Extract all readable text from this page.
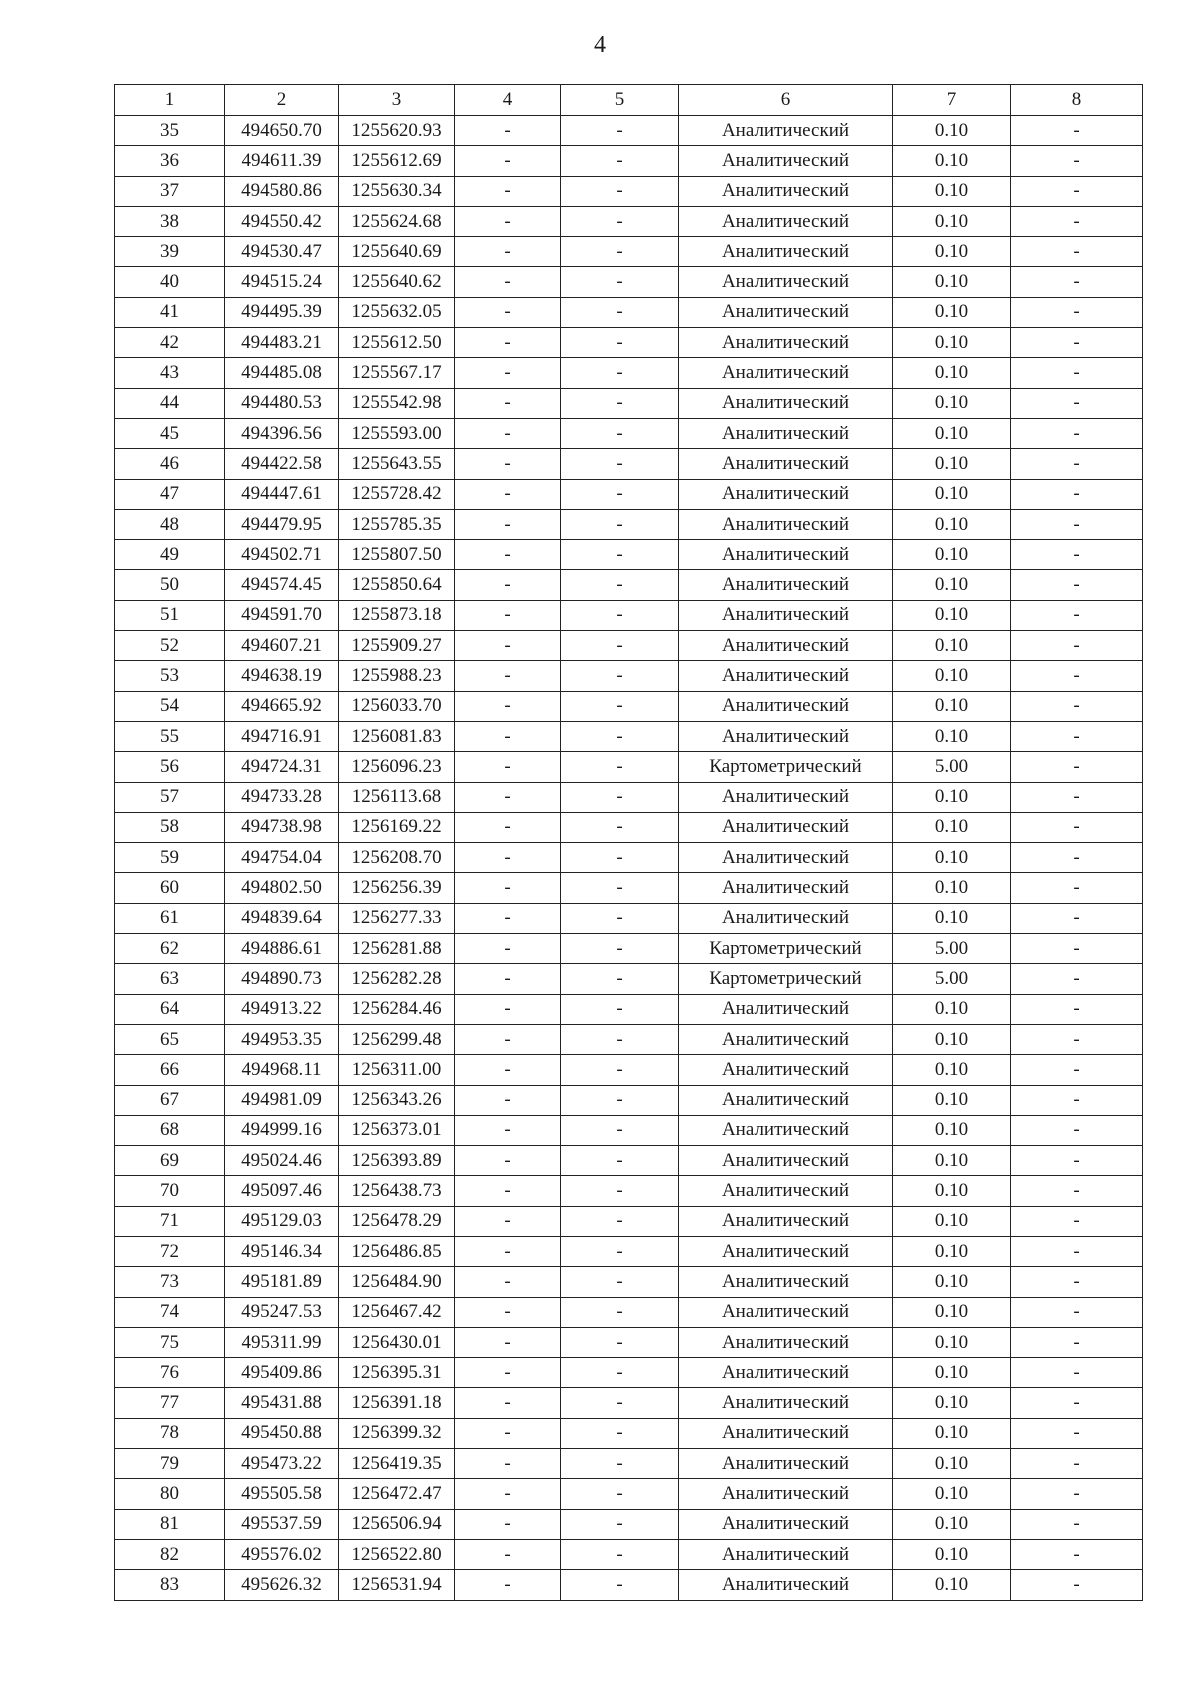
4
1	2	3	4	5	6	7	8
35	494650.70	1255620.93	-	-	Аналитический	0.10	-
36	494611.39	1255612.69	-	-	Аналитический	0.10	-
37	494580.86	1255630.34	-	-	Аналитический	0.10	-
38	494550.42	1255624.68	-	-	Аналитический	0.10	-
39	494530.47	1255640.69	-	-	Аналитический	0.10	-
40	494515.24	1255640.62	-	-	Аналитический	0.10	-
41	494495.39	1255632.05	-	-	Аналитический	0.10	-
42	494483.21	1255612.50	-	-	Аналитический	0.10	-
43	494485.08	1255567.17	-	-	Аналитический	0.10	-
44	494480.53	1255542.98	-	-	Аналитический	0.10	-
45	494396.56	1255593.00	-	-	Аналитический	0.10	-
46	494422.58	1255643.55	-	-	Аналитический	0.10	-
47	494447.61	1255728.42	-	-	Аналитический	0.10	-
48	494479.95	1255785.35	-	-	Аналитический	0.10	-
49	494502.71	1255807.50	-	-	Аналитический	0.10	-
50	494574.45	1255850.64	-	-	Аналитический	0.10	-
51	494591.70	1255873.18	-	-	Аналитический	0.10	-
52	494607.21	1255909.27	-	-	Аналитический	0.10	-
53	494638.19	1255988.23	-	-	Аналитический	0.10	-
54	494665.92	1256033.70	-	-	Аналитический	0.10	-
55	494716.91	1256081.83	-	-	Аналитический	0.10	-
56	494724.31	1256096.23	-	-	Картометрический	5.00	-
57	494733.28	1256113.68	-	-	Аналитический	0.10	-
58	494738.98	1256169.22	-	-	Аналитический	0.10	-
59	494754.04	1256208.70	-	-	Аналитический	0.10	-
60	494802.50	1256256.39	-	-	Аналитический	0.10	-
61	494839.64	1256277.33	-	-	Аналитический	0.10	-
62	494886.61	1256281.88	-	-	Картометрический	5.00	-
63	494890.73	1256282.28	-	-	Картометрический	5.00	-
64	494913.22	1256284.46	-	-	Аналитический	0.10	-
65	494953.35	1256299.48	-	-	Аналитический	0.10	-
66	494968.11	1256311.00	-	-	Аналитический	0.10	-
67	494981.09	1256343.26	-	-	Аналитический	0.10	-
68	494999.16	1256373.01	-	-	Аналитический	0.10	-
69	495024.46	1256393.89	-	-	Аналитический	0.10	-
70	495097.46	1256438.73	-	-	Аналитический	0.10	-
71	495129.03	1256478.29	-	-	Аналитический	0.10	-
72	495146.34	1256486.85	-	-	Аналитический	0.10	-
73	495181.89	1256484.90	-	-	Аналитический	0.10	-
74	495247.53	1256467.42	-	-	Аналитический	0.10	-
75	495311.99	1256430.01	-	-	Аналитический	0.10	-
76	495409.86	1256395.31	-	-	Аналитический	0.10	-
77	495431.88	1256391.18	-	-	Аналитический	0.10	-
78	495450.88	1256399.32	-	-	Аналитический	0.10	-
79	495473.22	1256419.35	-	-	Аналитический	0.10	-
80	495505.58	1256472.47	-	-	Аналитический	0.10	-
81	495537.59	1256506.94	-	-	Аналитический	0.10	-
82	495576.02	1256522.80	-	-	Аналитический	0.10	-
83	495626.32	1256531.94	-	-	Аналитический	0.10	-
